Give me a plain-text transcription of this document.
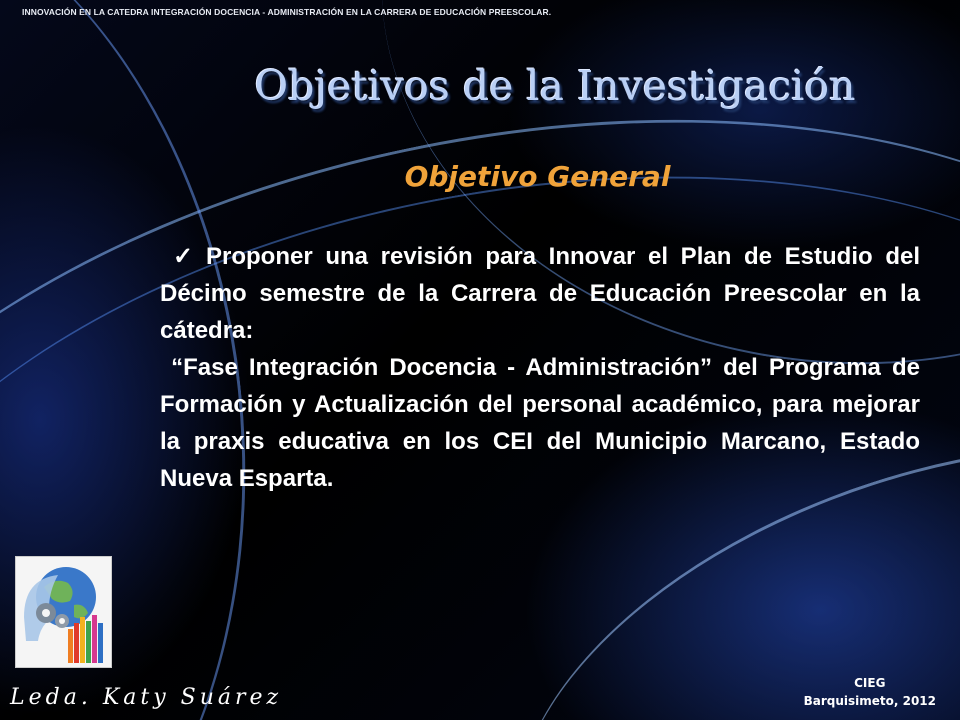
INNOVACIÓN EN LA CATEDRA INTEGRACIÓN DOCENCIA - ADMINISTRACIÓN EN LA CARRERA DE EDUCACIÓN PREESCOLAR.
Objetivos de la Investigación
Objetivo General

✓ Proponer una revisión para Innovar el Plan de Estudio del Décimo semestre de la Carrera de Educación Preescolar en la cátedra:

“Fase Integración Docencia - Administración” del Programa de Formación y Actualización del personal académico, para mejorar la praxis educativa en los CEI del Municipio Marcano, Estado Nueva Esparta.

Leda. Katy Suárez
CIEG
Barquisimeto, 2012
